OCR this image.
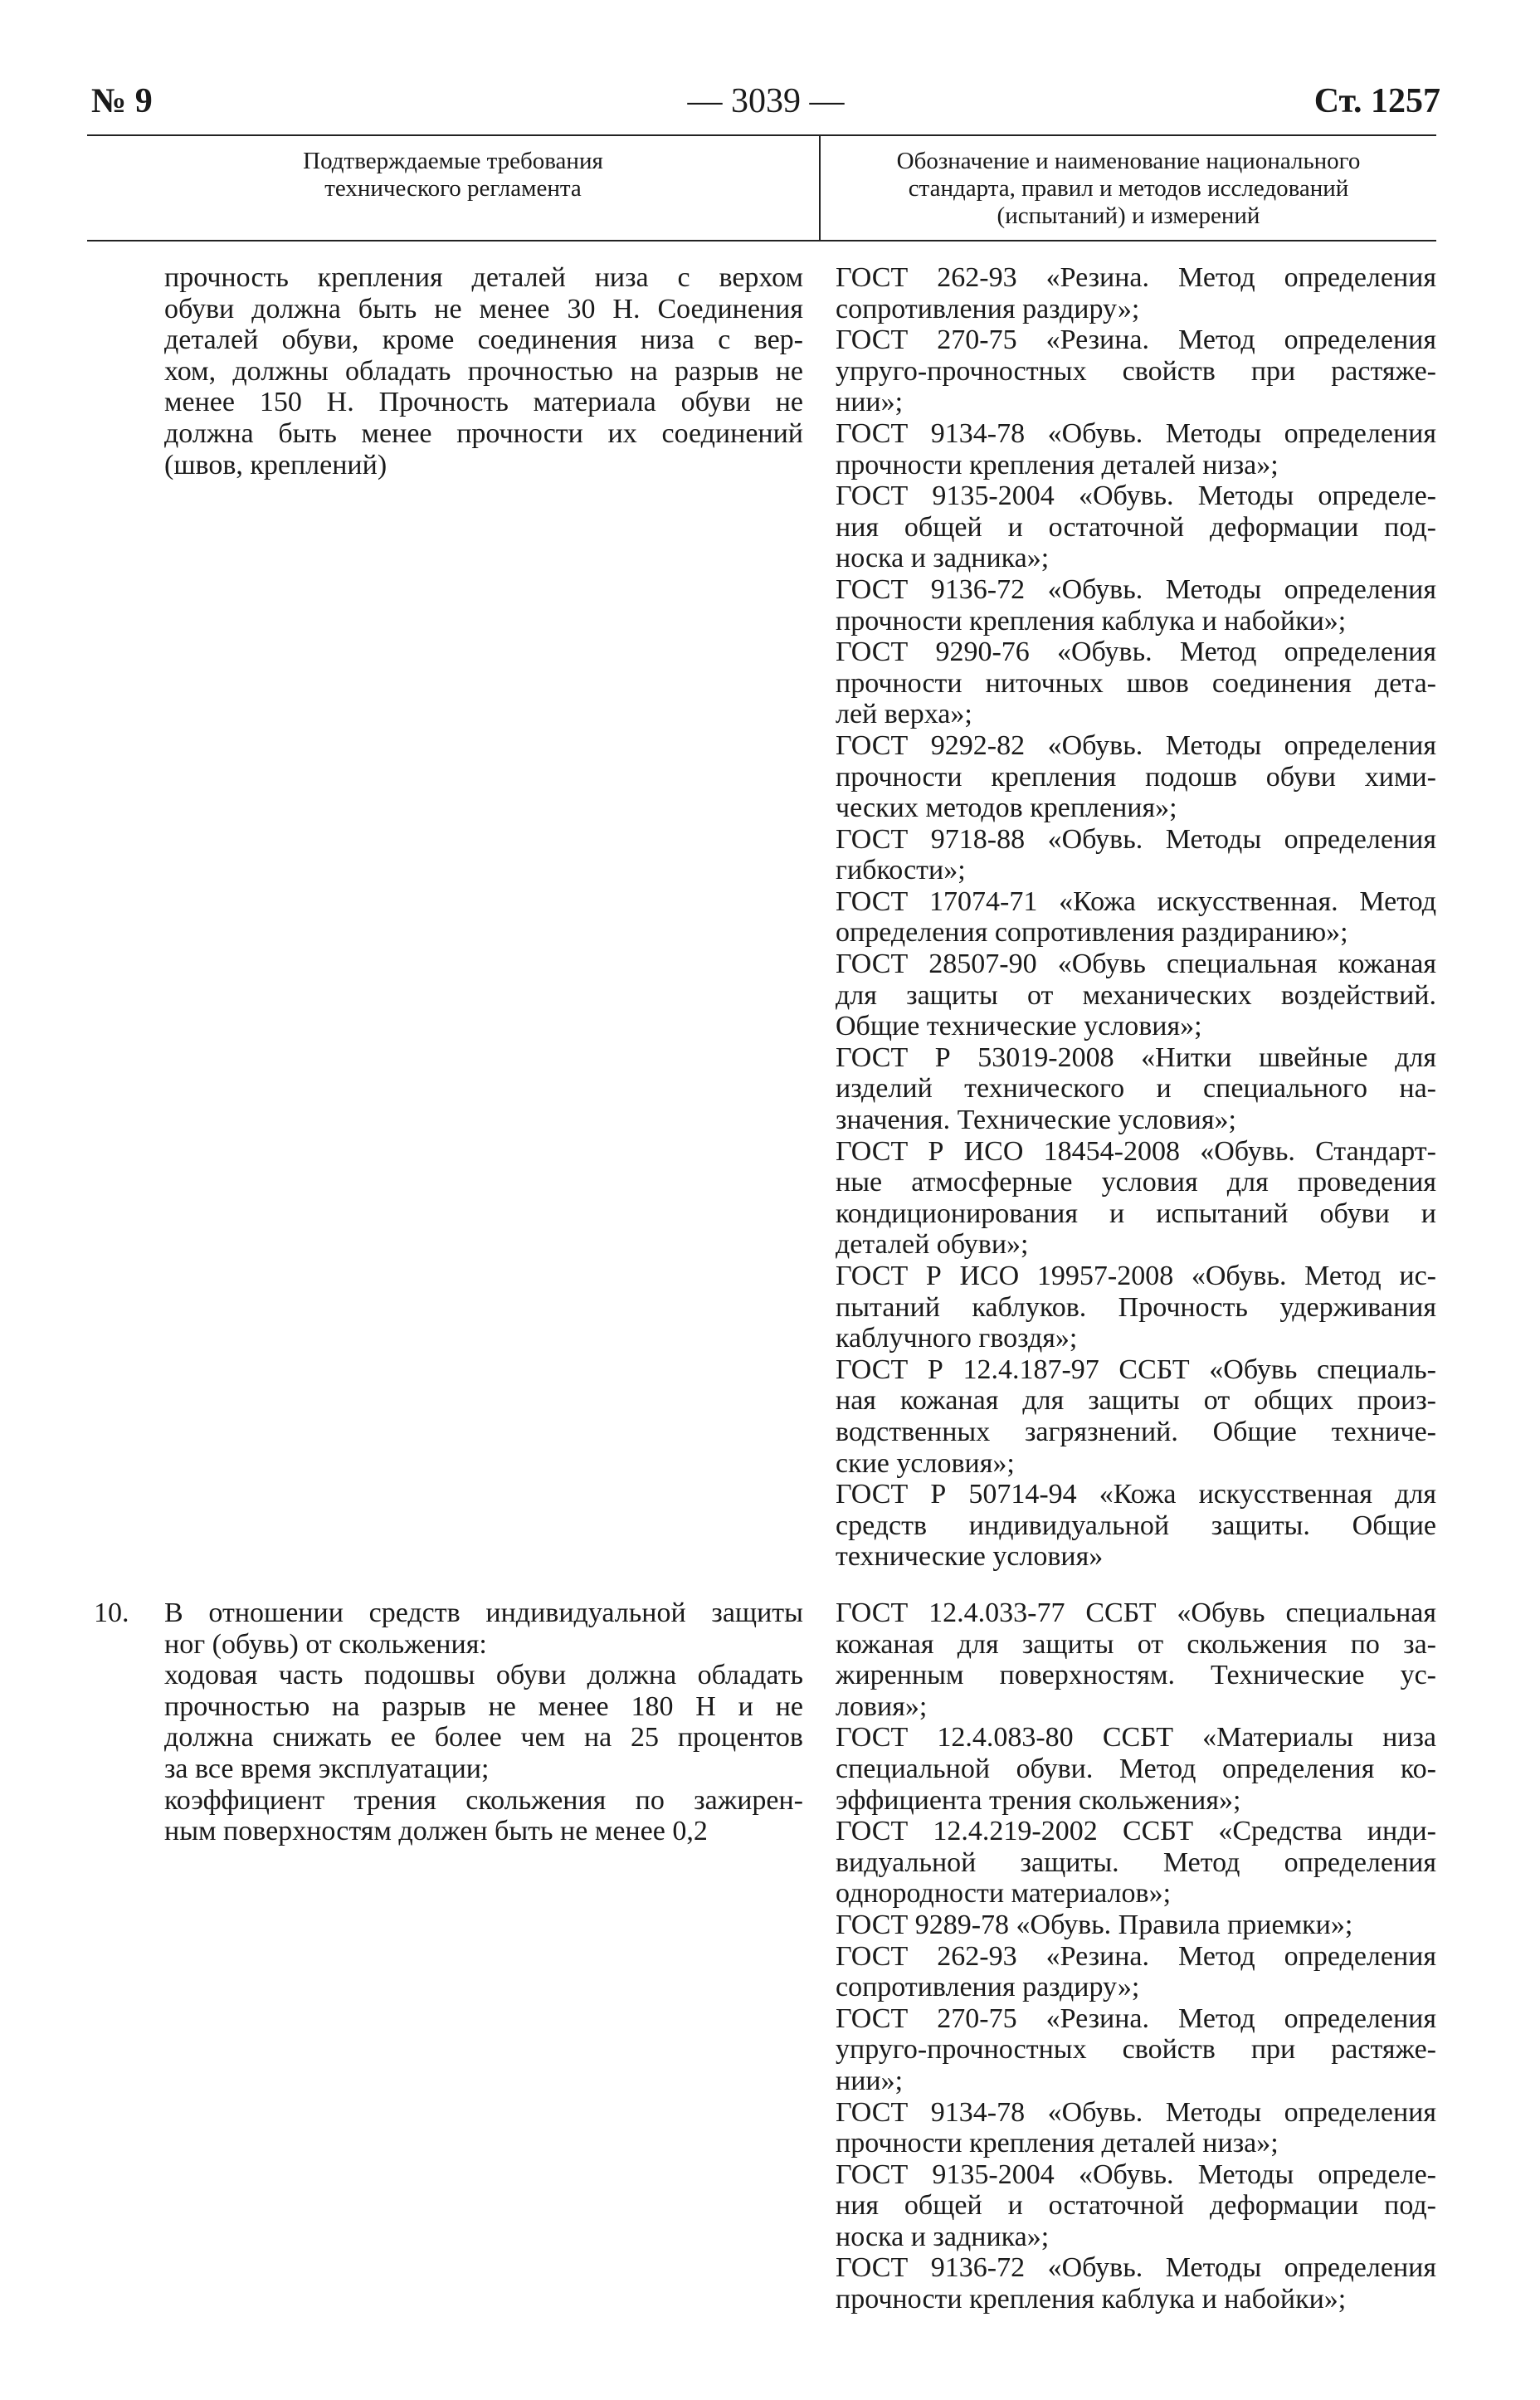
№ 9	— 3039 —	Ст. 1257
Подтверждаемые требования
технического регламента
Обозначение и наименование национального
стандарта, правил и методов исследований
(испытаний) и измерений
прочность крепления деталей низа с верхом
обуви должна быть не менее 30 Н. Соединения
деталей обуви, кроме соединения низа с вер-
хом, должны обладать прочностью на разрыв не
менее 150 Н. Прочность материала обуви не
должна быть менее прочности их соединений
(швов, креплений)
ГОСТ 262-93 «Резина. Метод определения
сопротивления раздиру»;
ГОСТ 270-75 «Резина. Метод определения
упруго-прочностных свойств при растяже-
нии»;
ГОСТ 9134-78 «Обувь. Методы определения
прочности крепления деталей низа»;
ГОСТ 9135-2004 «Обувь. Методы определе-
ния общей и остаточной деформации под-
носка и задника»;
ГОСТ 9136-72 «Обувь. Методы определения
прочности крепления каблука и набойки»;
ГОСТ 9290-76 «Обувь. Метод определения
прочности ниточных швов соединения дета-
лей верха»;
ГОСТ 9292-82 «Обувь. Методы определения
прочности крепления подошв обуви хими-
ческих методов крепления»;
ГОСТ 9718-88 «Обувь. Методы определения
гибкости»;
ГОСТ 17074-71 «Кожа искусственная. Метод
определения сопротивления раздиранию»;
ГОСТ 28507-90 «Обувь специальная кожаная
для защиты от механических воздействий.
Общие технические условия»;
ГОСТ Р 53019-2008 «Нитки швейные для
изделий технического и специального на-
значения. Технические условия»;
ГОСТ Р ИСО 18454-2008 «Обувь. Стандарт-
ные атмосферные условия для проведения
кондиционирования и испытаний обуви и
деталей обуви»;
ГОСТ Р ИСО 19957-2008 «Обувь. Метод ис-
пытаний каблуков. Прочность удерживания
каблучного гвоздя»;
ГОСТ Р 12.4.187-97 ССБТ «Обувь специаль-
ная кожаная для защиты от общих произ-
водственных загрязнений. Общие техниче-
ские условия»;
ГОСТ Р 50714-94 «Кожа искусственная для
средств индивидуальной защиты. Общие
технические условия»
10. В отношении средств индивидуальной защиты
ног (обувь) от скольжения:
ходовая часть подошвы обуви должна обладать
прочностью на разрыв не менее 180 Н и не
должна снижать ее более чем на 25 процентов
за все время эксплуатации;
коэффициент трения скольжения по зажирен-
ным поверхностям должен быть не менее 0,2
ГОСТ 12.4.033-77 ССБТ «Обувь специальная
кожаная для защиты от скольжения по за-
жиренным поверхностям. Технические ус-
ловия»;
ГОСТ 12.4.083-80 ССБТ «Материалы низа
специальной обуви. Метод определения ко-
эффициента трения скольжения»;
ГОСТ 12.4.219-2002 ССБТ «Средства инди-
видуальной защиты. Метод определения
однородности материалов»;
ГОСТ 9289-78 «Обувь. Правила приемки»;
ГОСТ 262-93 «Резина. Метод определения
сопротивления раздиру»;
ГОСТ 270-75 «Резина. Метод определения
упруго-прочностных свойств при растяже-
нии»;
ГОСТ 9134-78 «Обувь. Методы определения
прочности крепления деталей низа»;
ГОСТ 9135-2004 «Обувь. Методы определе-
ния общей и остаточной деформации под-
носка и задника»;
ГОСТ 9136-72 «Обувь. Методы определения
прочности крепления каблука и набойки»;
